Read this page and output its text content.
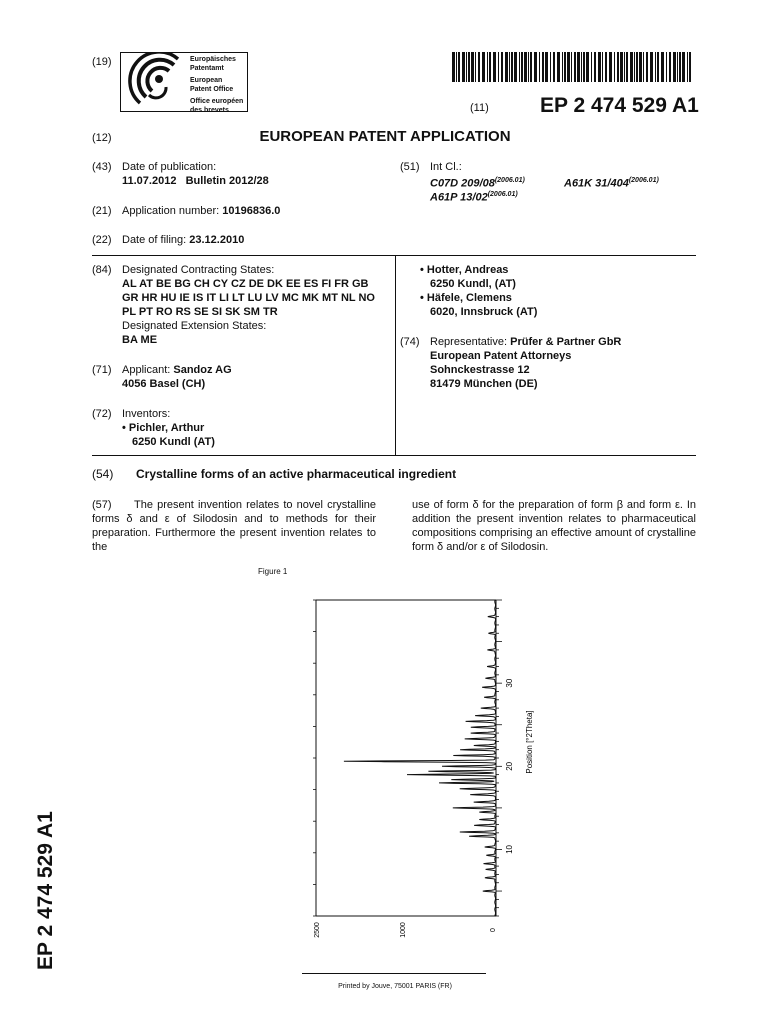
(19)	Europäisches
Patentamt
European
Patent Office
Office européen
des brevets	(11) EP 2 474 529 A1
(12)	EUROPEAN PATENT APPLICATION
(43) Date of publication:
11.07.2012   Bulletin 2012/28
(51) Int Cl.:
C07D $209/08^{(2006.01)}$	A61K $31/404^{(2006.01)}$
A61P $13/02^{(2006.01)}$
(21) Application number: 10196836.0
(22) Date of filing: 23.12.2010
(84) Designated Contracting States:
AL AT BE BG CH CY CZ DE DK EE ES FI FR GB
GR HR HU IE IS IT LI LT LU LV MC MK MT NL NO
PL PT RO RS SE SI SK SM TR
Designated Extension States:
BA ME
(71) Applicant: Sandoz AG
4056 Basel (CH)
(72) Inventors:
• Pichler, Arthur
6250 Kundl (AT)
• Hotter, Andreas
6250 Kundl, (AT)
• Häfele, Clemens
6020, Innsbruck (AT)
(74) Representative: Prüfer & Partner GbR
European Patent Attorneys
Sohnckestrasse 12
81479 München (DE)
(54) Crystalline forms of an active pharmaceutical ingredient
(57) The present invention relates to novel crystalline forms δ and ε of Silodosin and to methods for their preparation. Furthermore the present invention relates to the
use of form δ for the preparation of form β and form ε. In addition the present invention relates to pharmaceutical compositions comprising an effective amount of crystalline form δ and/or ε of Silodosin.
Figure 1
10
20
30
2500	1000	0
Position [°2Theta]
EP 2 474 529 A1
Printed by Jouve, 75001 PARIS (FR)
